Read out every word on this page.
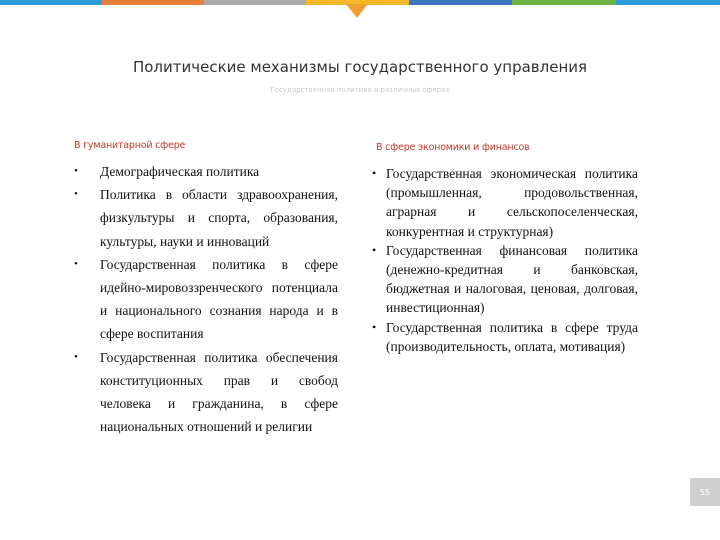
Политические механизмы государственного управления
Государственная политика в различных сферах
В гуманитарной сфере
• Демографическая политика
• Политика в области здравоохранения, физкультуры и спорта, образования, культуры, науки и инноваций
• Государственная политика в сфере идейно-мировоззренческого потенциала и национального сознания народа и в сфере воспитания
• Государственная политика обеспечения конституционных прав и свобод человека и гражданина, в сфере национальных отношений и религии
В сфере экономики и финансов
• Государственная экономическая политика (промышленная, продовольственная, аграрная и сельскопоселенческая, конкурентная и структурная)
• Государственная финансовая политика (денежно-кредитная и банковская, бюджетная и налоговая, ценовая, долговая, инвестиционная)
• Государственная политика в сфере труда (производительность, оплата, мотивация)
55
